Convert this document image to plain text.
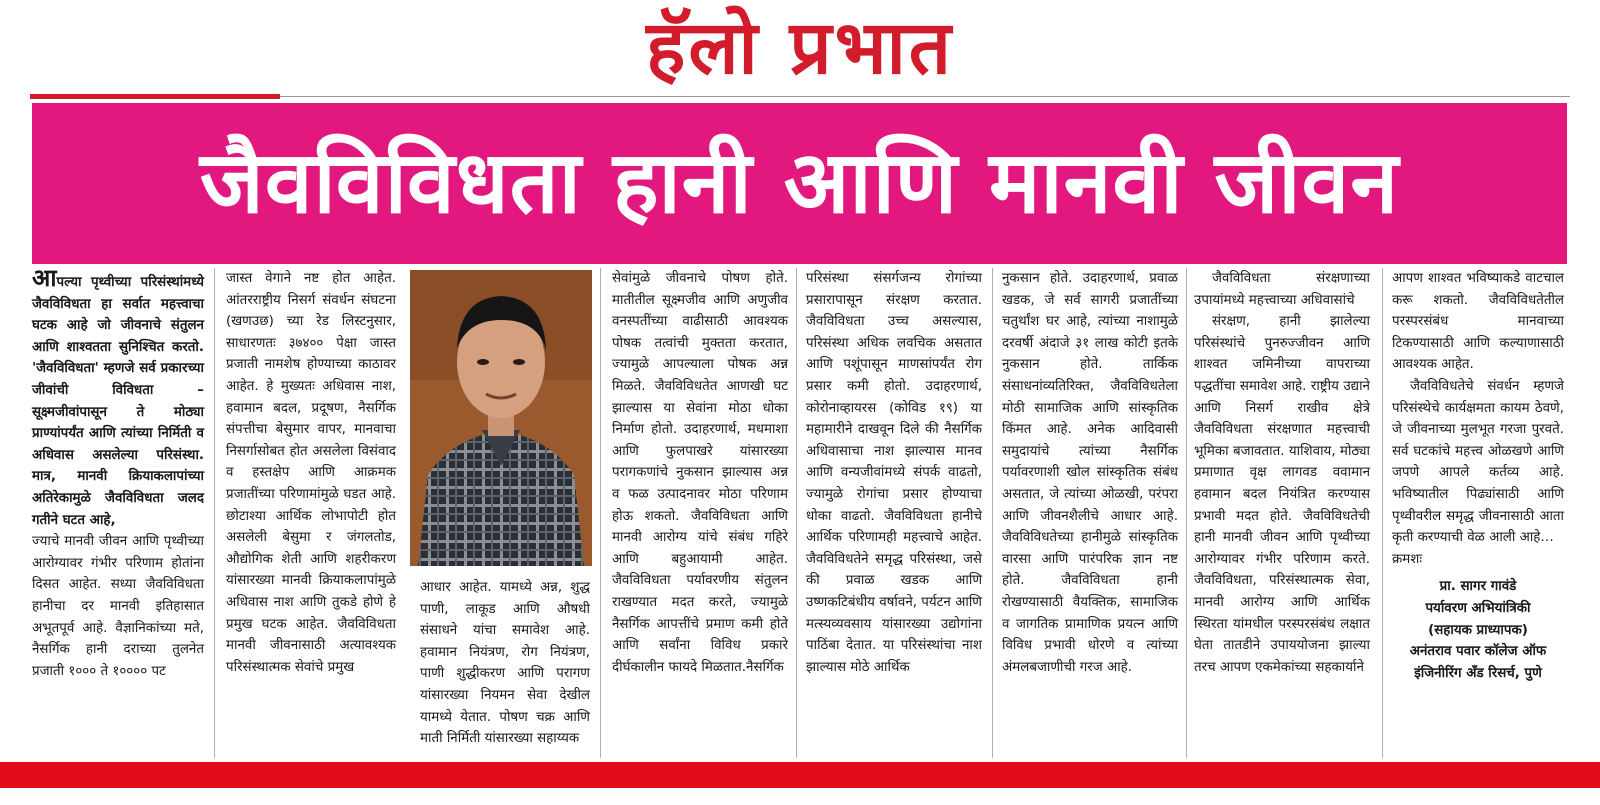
हॅलो प्रभात
जैवविविधता हानी आणि मानवी जीवन

आपल्या पृथ्वीच्या परिसंस्थांमध्ये जैवविविधता हा सर्वात महत्त्वाचा घटक आहे जो जीवनाचे संतुलन आणि शाश्वतता सुनिश्चित करतो. 'जैवविविधता' म्हणजे सर्व प्रकारच्या जीवांची विविधता – सूक्ष्मजीवांपासून ते मोठ्या प्राण्यांपर्यंत आणि त्यांच्या निर्मिती व अधिवास असलेल्या परिसंस्था. मात्र, मानवी क्रियाकलापांच्या अतिरेकामुळे जैवविविधता जलद गतीने घटत आहे,

ज्याचे मानवी जीवन आणि पृथ्वीच्या आरोग्यावर गंभीर परिणाम होतांना दिसत आहेत. सध्या जैवविविधता हानीचा दर मानवी इतिहासात अभूतपूर्व आहे. वैज्ञानिकांच्या मते, नैसर्गिक हानी दराच्या तुलनेत प्रजाती १००० ते १०००० पट

जास्त वेगाने नष्ट होत आहेत. आंतरराष्ट्रीय निसर्ग संवर्धन संघटना (खणउछ) च्या रेड लिस्टनुसार, साधारणतः ३७४०० पेक्षा जास्त प्रजाती नामशेष होण्याच्या काठावर आहेत. हे मुख्यतः अधिवास नाश, हवामान बदल, प्रदूषण, नैसर्गिक संपत्तीचा बेसुमार वापर, मानवाचा निसर्गासोबत होत असलेला विसंवाद व हस्तक्षेप आणि आक्रमक प्रजातींच्या परिणामांमुळे घडत आहे. छोटाश्या आर्थिक लोभापोटी होत असलेली बेसुमा र जंगलतोड, औद्योगिक शेती आणि शहरीकरण यांसारख्या मानवी क्रियाकलापांमुळे अधिवास नाश आणि तुकडे होणे हे प्रमुख घटक आहेत. जैवविविधता मानवी जीवनासाठी अत्यावश्यक परिसंस्थात्मक सेवांचे प्रमुख

आधार आहेत. यामध्ये अन्न, शुद्ध पाणी, लाकूड आणि औषधी संसाधने यांचा समावेश आहे. हवामान नियंत्रण, रोग नियंत्रण, पाणी शुद्धीकरण आणि परागण यांसारख्या नियमन सेवा देखील यामध्ये येतात. पोषण चक्र आणि माती निर्मिती यांसारख्या सहाय्यक

सेवांमुळे जीवनाचे पोषण होते. मातीतील सूक्ष्मजीव आणि अणुजीव वनस्पतींच्या वाढीसाठी आवश्यक पोषक तत्वांची मुक्तता करतात, ज्यामुळे आपल्याला पोषक अन्न मिळते. जैवविविधतेत आणखी घट झाल्यास या सेवांना मोठा धोका निर्माण होतो. उदाहरणार्थ, मधमाशा आणि फुलपाखरे यांसारख्या परागकणांचे नुकसान झाल्यास अन्न व फळ उत्पादनावर मोठा परिणाम होऊ शकतो. जैवविविधता आणि मानवी आरोग्य यांचे संबंध गहिरे आणि बहुआयामी आहेत. जैवविविधता पर्यावरणीय संतुलन राखण्यात मदत करते, ज्यामुळे नैसर्गिक आपत्तींचे प्रमाण कमी होते आणि सर्वांना विविध प्रकारे दीर्घकालीन फायदे मिळतात.नैसर्गिक

परिसंस्था संसर्गजन्य रोगांच्या प्रसारापासून संरक्षण करतात. जैवविविधता उच्च असल्यास, परिसंस्था अधिक लवचिक असतात आणि पशूंपासून माणसांपर्यंत रोग प्रसार कमी होतो. उदाहरणार्थ, कोरोनाव्हायरस (कोविड १९) या महामारीने दाखवून दिले की नैसर्गिक अधिवासाचा नाश झाल्यास मानव आणि वन्यजीवांमध्ये संपर्क वाढतो, ज्यामुळे रोगांचा प्रसार होण्याचा धोका वाढतो. जैवविविधता हानीचे आर्थिक परिणामही महत्त्वाचे आहेत. जैवविविधतेने समृद्ध परिसंस्था, जसे की प्रवाळ खडक आणि उष्णकटिबंधीय वर्षावने, पर्यटन आणि मत्स्यव्यवसाय यांसारख्या उद्योगांना पाठिंबा देतात. या परिसंस्थांचा नाश झाल्यास मोठे आर्थिक

नुकसान होते. उदाहरणार्थ, प्रवाळ खडक, जे सर्व सागरी प्रजातींच्या चतुर्थांश घर आहे, त्यांच्या नाशामुळे दरवर्षी अंदाजे ३१ लाख कोटी इतके नुकसान होते. तार्किक संसाधनांव्यतिरिक्त, जैवविविधतेला मोठी सामाजिक आणि सांस्कृतिक किंमत आहे. अनेक आदिवासी समुदायांचे त्यांच्या नैसर्गिक पर्यावरणाशी खोल सांस्कृतिक संबंध असतात, जे त्यांच्या ओळखी, परंपरा आणि जीवनशैलीचे आधार आहे. जैवविविधतेच्या हानीमुळे सांस्कृतिक वारसा आणि पारंपरिक ज्ञान नष्ट होते. जैवविविधता हानी रोखण्यासाठी वैयक्तिक, सामाजिक व जागतिक प्रामाणिक प्रयत्न आणि विविध प्रभावी धोरणे व त्यांच्या अंमलबजाणीची गरज आहे.

जैवविविधता संरक्षणाच्या उपायांमध्ये महत्त्वाच्या अधिवासांचे

संरक्षण, हानी झालेल्या परिसंस्थांचे पुनरुज्जीवन आणि शाश्वत जमिनीच्या वापराच्या पद्धतींचा समावेश आहे. राष्ट्रीय उद्याने आणि निसर्ग राखीव क्षेत्रे जैवविविधता संरक्षणात महत्त्वाची भूमिका बजावतात. याशिवाय, मोठ्या प्रमाणात वृक्ष लागवड ववामान हवामान बदल नियंत्रित करण्यास प्रभावी मदत होते. जैवविविधतेची हानी मानवी जीवन आणि पृथ्वीच्या आरोग्यावर गंभीर परिणाम करते. जैवविविधता, परिसंस्थात्मक सेवा, मानवी आरोग्य आणि आर्थिक स्थिरता यांमधील परस्परसंबंध लक्षात घेता तातडीने उपाययोजना झाल्या तरच आपण एकमेकांच्या सहकार्याने

आपण शाश्वत भविष्याकडे वाटचाल करू शकतो. जैवविविधतेतील परस्परसंबंध मानवाच्या टिकण्यासाठी आणि कल्याणासाठी आवश्यक आहेत.

जैवविविधतेचे संवर्धन म्हणजे परिसंस्थेचे कार्यक्षमता कायम ठेवणे, जे जीवनाच्या मुलभूत गरजा पुरवते. सर्व घटकांचे महत्त्व ओळखणे आणि जपणे आपले कर्तव्य आहे. भविष्यातील पिढ्यांसाठी आणि पृथ्वीवरील समृद्ध जीवनासाठी आता कृती करण्याची वेळ आली आहे…

क्रमशः

प्रा. सागर गावंडे
पर्यावरण अभियांत्रिकी
(सहायक प्राध्यापक)
अनंतराव पवार कॉलेज ऑफ इंजिनीरिंग अँड रिसर्च, पुणे
